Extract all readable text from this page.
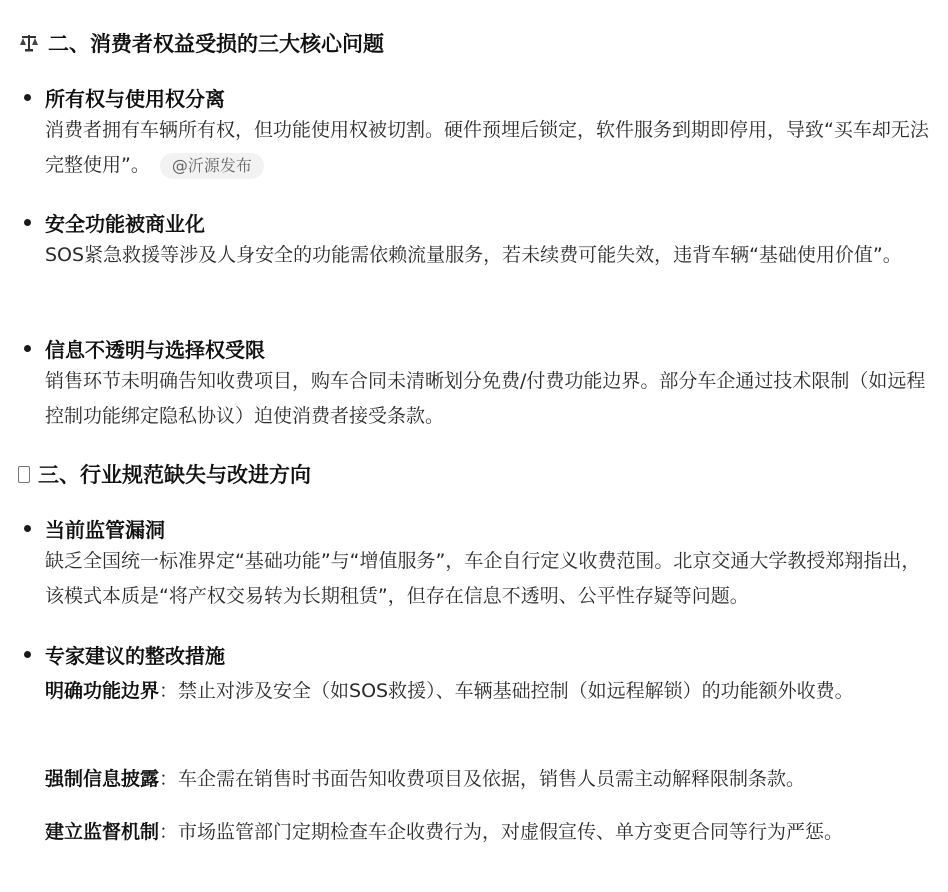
二、消费者权益受损的三大核心问题
所有权与使用权分离
消费者拥有车辆所有权，但功能使用权被切割。硬件预埋后锁定，软件服务到期即停用，导致“买车却无法完整使用”。 @沂源发布
安全功能被商业化
SOS紧急救援等涉及人身安全的功能需依赖流量服务，若未续费可能失效，违背车辆“基础使用价值”。
信息不透明与选择权受限
销售环节未明确告知收费项目，购车合同未清晰划分免费/付费功能边界。部分车企通过技术限制（如远程控制功能绑定隐私协议）迫使消费者接受条款。
三、行业规范缺失与改进方向
当前监管漏洞
缺乏全国统一标准界定“基础功能”与“增值服务”，车企自行定义收费范围。北京交通大学教授郑翔指出，该模式本质是“将产权交易转为长期租赁”，但存在信息不透明、公平性存疑等问题。
专家建议的整改措施
明确功能边界：禁止对涉及安全（如SOS救援）、车辆基础控制（如远程解锁）的功能额外收费。
强制信息披露：车企需在销售时书面告知收费项目及依据，销售人员需主动解释限制条款。
建立监督机制：市场监管部门定期检查车企收费行为，对虚假宣传、单方变更合同等行为严惩。
